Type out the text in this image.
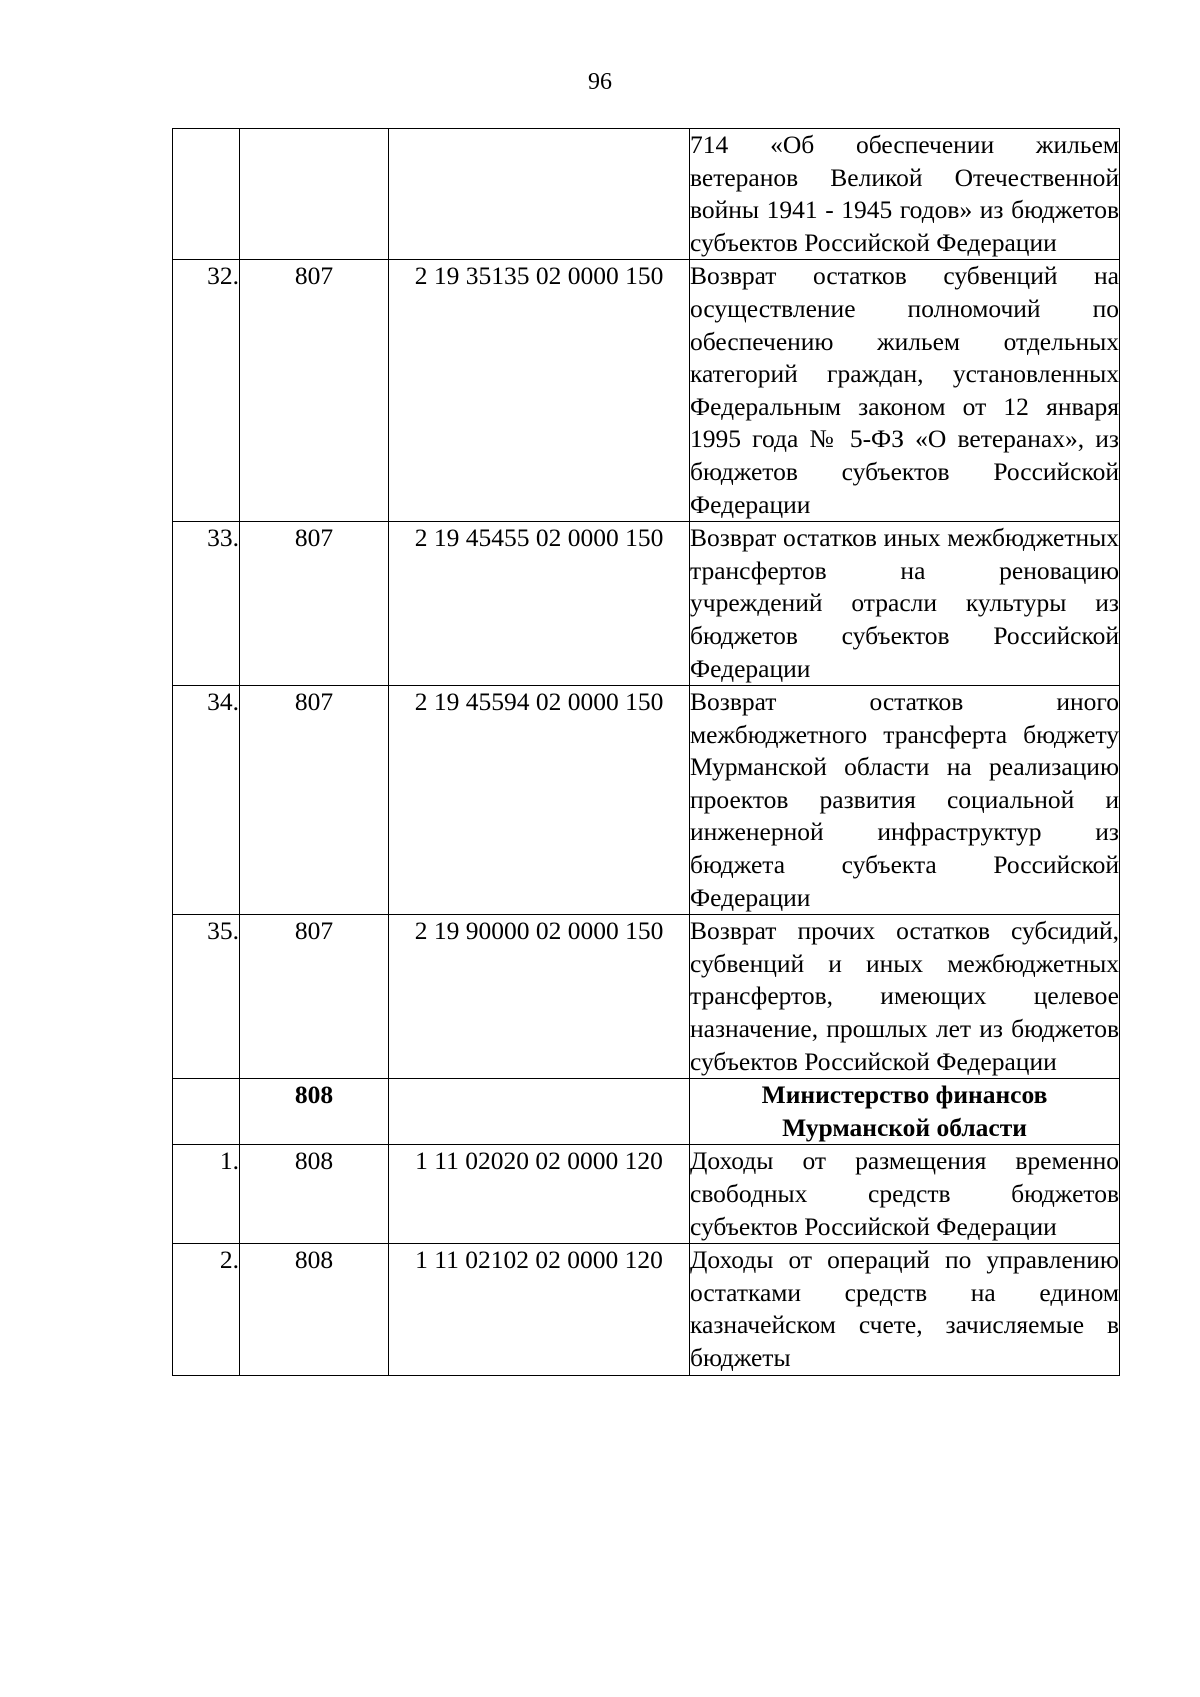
96
			714 «Об обеспечении жильем ветеранов Великой Отечественной войны 1941 - 1945 годов» из бюджетов субъектов Российской Федерации
32.	807	2 19 35135 02 0000 150	Возврат остатков субвенций на осуществление полномочий по обеспечению жильем отдельных категорий граждан, установленных Федеральным законом от 12 января 1995 года № 5-ФЗ «О ветеранах», из бюджетов субъектов Российской Федерации
33.	807	2 19 45455 02 0000 150	Возврат остатков иных межбюджетных трансфертов на реновацию учреждений отрасли культуры из бюджетов субъектов Российской Федерации
34.	807	2 19 45594 02 0000 150	Возврат остатков иного межбюджетного трансферта бюджету Мурманской области на реализацию проектов развития социальной и инженерной инфраструктур из бюджета субъекта Российской Федерации
35.	807	2 19 90000 02 0000 150	Возврат прочих остатков субсидий, субвенций и иных межбюджетных трансфертов, имеющих целевое назначение, прошлых лет из бюджетов субъектов Российской Федерации
	808		Министерство финансов Мурманской области
1.	808	1 11 02020 02 0000 120	Доходы от размещения временно свободных средств бюджетов субъектов Российской Федерации
2.	808	1 11 02102 02 0000 120	Доходы от операций по управлению остатками средств на едином казначейском счете, зачисляемые в бюджеты
